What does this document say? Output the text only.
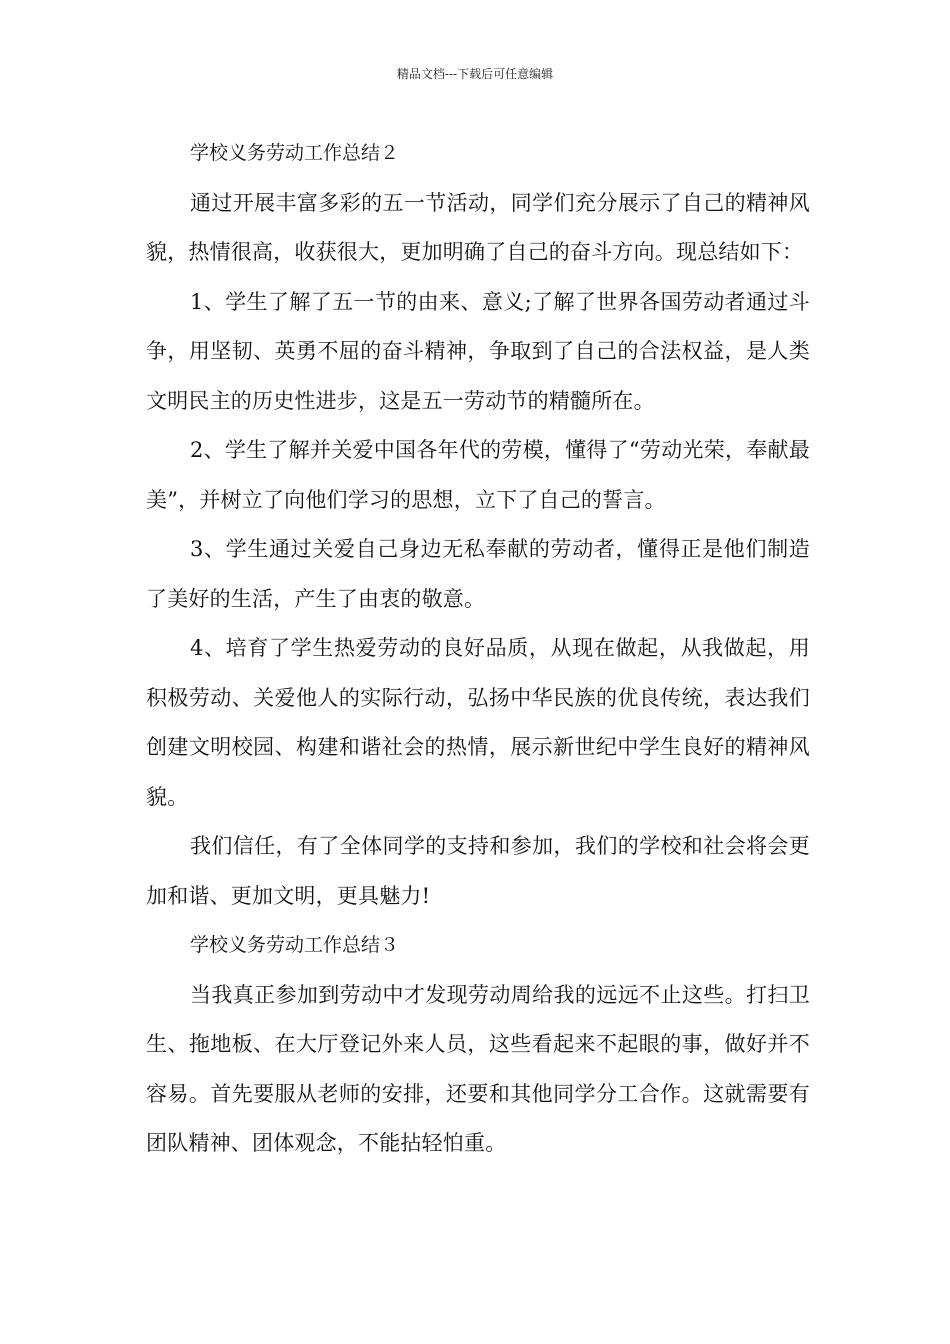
精品文档---下载后可任意编辑

学校义务劳动工作总结２

通过开展丰富多彩的五一节活动，同学们充分展示了自己的精神风貌，热情很高，收获很大，更加明确了自己的奋斗方向。现总结如下：

1、学生了解了五一节的由来、意义;了解了世界各国劳动者通过斗争，用坚韧、英勇不屈的奋斗精神，争取到了自己的合法权益，是人类文明民主的历史性进步，这是五一劳动节的精髓所在。

2、学生了解并关爱中国各年代的劳模，懂得了“劳动光荣，奉献最美”，并树立了向他们学习的思想，立下了自己的誓言。

3、学生通过关爱自己身边无私奉献的劳动者，懂得正是他们制造了美好的生活，产生了由衷的敬意。

4、培育了学生热爱劳动的良好品质，从现在做起，从我做起，用积极劳动、关爱他人的实际行动，弘扬中华民族的优良传统，表达我们创建文明校园、构建和谐社会的热情，展示新世纪中学生良好的精神风貌。

我们信任，有了全体同学的支持和参加，我们的学校和社会将会更加和谐、更加文明，更具魅力!

学校义务劳动工作总结３

当我真正参加到劳动中才发现劳动周给我的远远不止这些。打扫卫生、拖地板、在大厅登记外来人员，这些看起来不起眼的事，做好并不容易。首先要服从老师的安排，还要和其他同学分工合作。这就需要有团队精神、团体观念，不能拈轻怕重。
